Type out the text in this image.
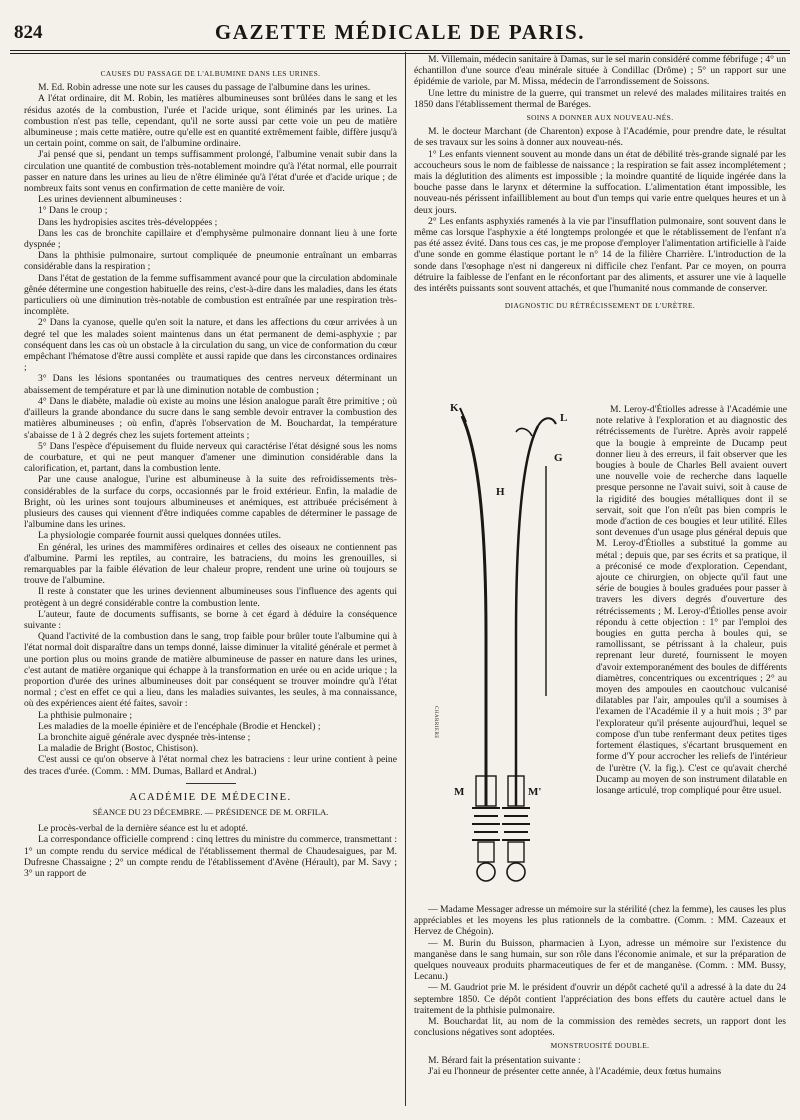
824	GAZETTE MÉDICALE DE PARIS.

CAUSES DU PASSAGE DE L'ALBUMINE DANS LES URINES.

M. Ed. Robin adresse une note sur les causes du passage de l'albumine dans les urines.

A l'état ordinaire, dit M. Robin, les matières albumineuses sont brûlées dans le sang et les résidus azotés de la combustion, l'urée et l'acide urique, sont éliminés par les urines. La combustion n'est pas telle, cependant, qu'il ne sorte aussi par cette voie un peu de matière albumineuse ; mais cette matière, outre qu'elle est en quantité extrêmement faible, diffère jusqu'à un certain point, comme on sait, de l'albumine ordinaire.

J'ai pensé que si, pendant un temps suffisamment prolongé, l'albumine venait subir dans la circulation une quantité de combustion très-notablement moindre qu'à l'état normal, elle pourrait passer en nature dans les urines au lieu de n'être éliminée qu'à l'état d'urée et d'acide urique ; de nombreux faits sont venus en confirmation de cette manière de voir.

Les urines deviennent albumineuses :

1° Dans le croup ;

Dans les hydropisies ascites très-développées ;

Dans les cas de bronchite capillaire et d'emphysème pulmonaire donnant lieu à une forte dyspnée ;

Dans la phthisie pulmonaire, surtout compliquée de pneumonie entraînant un embarras considérable dans la respiration ;

Dans l'état de gestation de la femme suffisamment avancé pour que la circulation abdominale gênée détermine une congestion habituelle des reins, c'est-à-dire dans les maladies, dans les états particuliers où une diminution très-notable de combustion est entraînée par une respiration très-incomplète.

2° Dans la cyanose, quelle qu'en soit la nature, et dans les affections du cœur arrivées à un degré tel que les malades soient maintenus dans un état permanent de demi-asphyxie ; par conséquent dans les cas où un obstacle à la circulation du sang, un vice de conformation du cœur empêchant l'hématose d'être aussi complète et aussi rapide que dans les circonstances ordinaires ;

3° Dans les lésions spontanées ou traumatiques des centres nerveux déterminant un abaissement de température et par là une diminution notable de combustion ;

4° Dans le diabète, maladie où existe au moins une lésion analogue paraît être primitive ; où d'ailleurs la grande abondance du sucre dans le sang semble devoir entraver la combustion des matières albumineuses ; où enfin, d'après l'observation de M. Bouchardat, la température s'abaisse de 1 à 2 degrés chez les sujets fortement atteints ;

5° Dans l'espèce d'épuisement du fluide nerveux qui caractérise l'état désigné sous les noms de courbature, et qui ne peut manquer d'amener une diminution considérable dans la calorification, et, partant, dans la combustion lente.

Par une cause analogue, l'urine est albumineuse à la suite des refroidissements très-considérables de la surface du corps, occasionnés par le froid extérieur. Enfin, la maladie de Bright, où les urines sont toujours albumineuses et anémiques, est attribuée précisément à plusieurs des causes qui viennent d'être indiquées comme capables de déterminer le passage de l'albumine dans les urines.

La physiologie comparée fournit aussi quelques données utiles.

En général, les urines des mammifères ordinaires et celles des oiseaux ne contiennent pas d'albumine. Parmi les reptiles, au contraire, les batraciens, du moins les grenouilles, si remarquables par la faible élévation de leur chaleur propre, rendent une urine où toujours se trouve de l'albumine.

Il reste à constater que les urines deviennent albumineuses sous l'influence des agents qui protègent à un degré considérable contre la combustion lente.

L'auteur, faute de documents suffisants, se borne à cet égard à déduire la conséquence suivante :

Quand l'activité de la combustion dans le sang, trop faible pour brûler toute l'albumine qui à l'état normal doit disparaître dans un temps donné, laisse diminuer la vitalité générale et permet à une portion plus ou moins grande de matière albumineuse de passer en nature dans les urines, c'est autant de matière organique qui échappe à la transformation en urée ou en acide urique ; la proportion d'urée des urines albumineuses doit par conséquent se trouver moindre qu'à l'état normal ; c'est en effet ce qui a lieu, dans les maladies suivantes, les seules, à ma connaissance, où des expériences aient été faites, savoir :

La phthisie pulmonaire ;

Les maladies de la moelle épinière et de l'encéphale (Brodie et Henckel) ;

La bronchite aiguë générale avec dyspnée très-intense ;

La maladie de Bright (Bostoc, Chistison).

C'est aussi ce qu'on observe à l'état normal chez les batraciens : leur urine contient à peine des traces d'urée. (Comm. : MM. Dumas, Ballard et Andral.)

ACADÉMIE DE MÉDECINE.

SÉANCE DU 23 DÉCEMBRE. — PRÉSIDENCE DE M. ORFILA.

Le procès-verbal de la dernière séance est lu et adopté.

La correspondance officielle comprend : cinq lettres du ministre du commerce, transmettant : 1° un compte rendu du service médical de l'établissement thermal de Chaudesaigues, par M. Dufresne Chassaigne ; 2° un compte rendu de l'établissement d'Avène (Hérault), par M. Savy ; 3° un rapport de

M. Villemain, médecin sanitaire à Damas, sur le sel marin considéré comme fébrifuge ; 4° un échantillon d'une source d'eau minérale située à Condillac (Drôme) ; 5° un rapport sur une épidémie de variole, par M. Missa, médecin de l'arrondissement de Soissons.

Une lettre du ministre de la guerre, qui transmet un relevé des malades militaires traités en 1850 dans l'établissement thermal de Baréges.

SOINS A DONNER AUX NOUVEAU-NÉS.

M. le docteur Marchant (de Charenton) expose à l'Académie, pour prendre date, le résultat de ses travaux sur les soins à donner aux nouveau-nés.

1° Les enfants viennent souvent au monde dans un état de débilité très-grande signalé par les accoucheurs sous le nom de faiblesse de naissance ; la respiration se fait assez incomplétement ; mais la déglutition des aliments est impossible ; la moindre quantité de liquide ingérée dans la bouche passe dans le larynx et détermine la suffocation. L'alimentation étant impossible, les nouveau-nés périssent infailliblement au bout d'un temps qui varie entre quelques heures et un à deux jours.

2° Les enfants asphyxiés ramenés à la vie par l'insufflation pulmonaire, sont souvent dans le même cas lorsque l'asphyxie a été longtemps prolongée et que le rétablissement de l'enfant n'a pas été assez évité. Dans tous ces cas, je me propose d'employer l'alimentation artificielle à l'aide d'une sonde en gomme élastique portant le n° 14 de la filière Charrière. L'introduction de la sonde dans l'œsophage n'est ni dangereux ni difficile chez l'enfant. Par ce moyen, on pourra détruire la faiblesse de l'enfant en le réconfortant par des aliments, et assurer une vie à laquelle des intérêts puissants sont souvent attachés, et que l'humanité nous commande de conserver.

DIAGNOSTIC DU RÉTRÉCISSEMENT DE L'URÈTRE.

K
L
G
H
M	M'
CHARRIERE

M. Leroy-d'Étiolles adresse à l'Académie une note relative à l'exploration et au diagnostic des rétrécissements de l'urètre. Après avoir rappelé que la bougie à empreinte de Ducamp peut donner lieu à des erreurs, il fait observer que les bougies à boule de Charles Bell avaient ouvert une nouvelle voie de recherche dans laquelle presque personne ne l'avait suivi, soit à cause de la rigidité des bougies métalliques dont il se servait, soit que l'on n'eût pas bien compris le mode d'action de ces bougies et leur utilité. Elles sont devenues d'un usage plus général depuis que M. Leroy-d'Étiolles a substitué la gomme au métal ; depuis que, par ses écrits et sa pratique, il a préconisé ce mode d'exploration. Cependant, ajoute ce chirurgien, on objecte qu'il faut une série de bougies à boules graduées pour passer à travers les divers degrés d'ouverture des rétrécissements ; M. Leroy-d'Étiolles pense avoir répondu à cette objection : 1° par l'emploi des bougies en gutta percha à boules qui, se ramollissant, se pétrissant à la chaleur, puis reprenant leur dureté, fournissent le moyen d'avoir extemporanément des boules de différents diamètres, concentriques ou excentriques ; 2° au moyen des ampoules en caoutchouc vulcanisé dilatables par l'air, ampoules qu'il a soumises à l'examen de l'Académie il y a huit mois ; 3° par l'explorateur qu'il présente aujourd'hui, lequel se compose d'un tube renfermant deux petites tiges fortement élastiques, s'écartant brusquement en forme d'Y pour accrocher les reliefs de l'intérieur de l'urètre (V. la fig.). C'est ce qu'avait cherché Ducamp au moyen de son instrument dilatable en losange articulé, trop compliqué pour être usuel.

— Madame Messager adresse un mémoire sur la stérilité (chez la femme), les causes les plus appréciables et les moyens les plus rationnels de la combattre. (Comm. : MM. Cazeaux et Hervez de Chégoin).

— M. Burin du Buisson, pharmacien à Lyon, adresse un mémoire sur l'existence du manganèse dans le sang humain, sur son rôle dans l'économie animale, et sur la préparation de quelques nouveaux produits pharmaceutiques de fer et de manganèse. (Comm. : MM. Bussy, Lecanu.)

— M. Gaudriot prie M. le président d'ouvrir un dépôt cacheté qu'il a adressé à la date du 24 septembre 1850. Ce dépôt contient l'appréciation des bons effets du cautère actuel dans le traitement de la phthisie pulmonaire.

M. Bouchardat lit, au nom de la commission des remèdes secrets, un rapport dont les conclusions négatives sont adoptées.

MONSTRUOSITÉ DOUBLE.

M. Bérard fait la présentation suivante :

J'ai eu l'honneur de présenter cette année, à l'Académie, deux fœtus humains
